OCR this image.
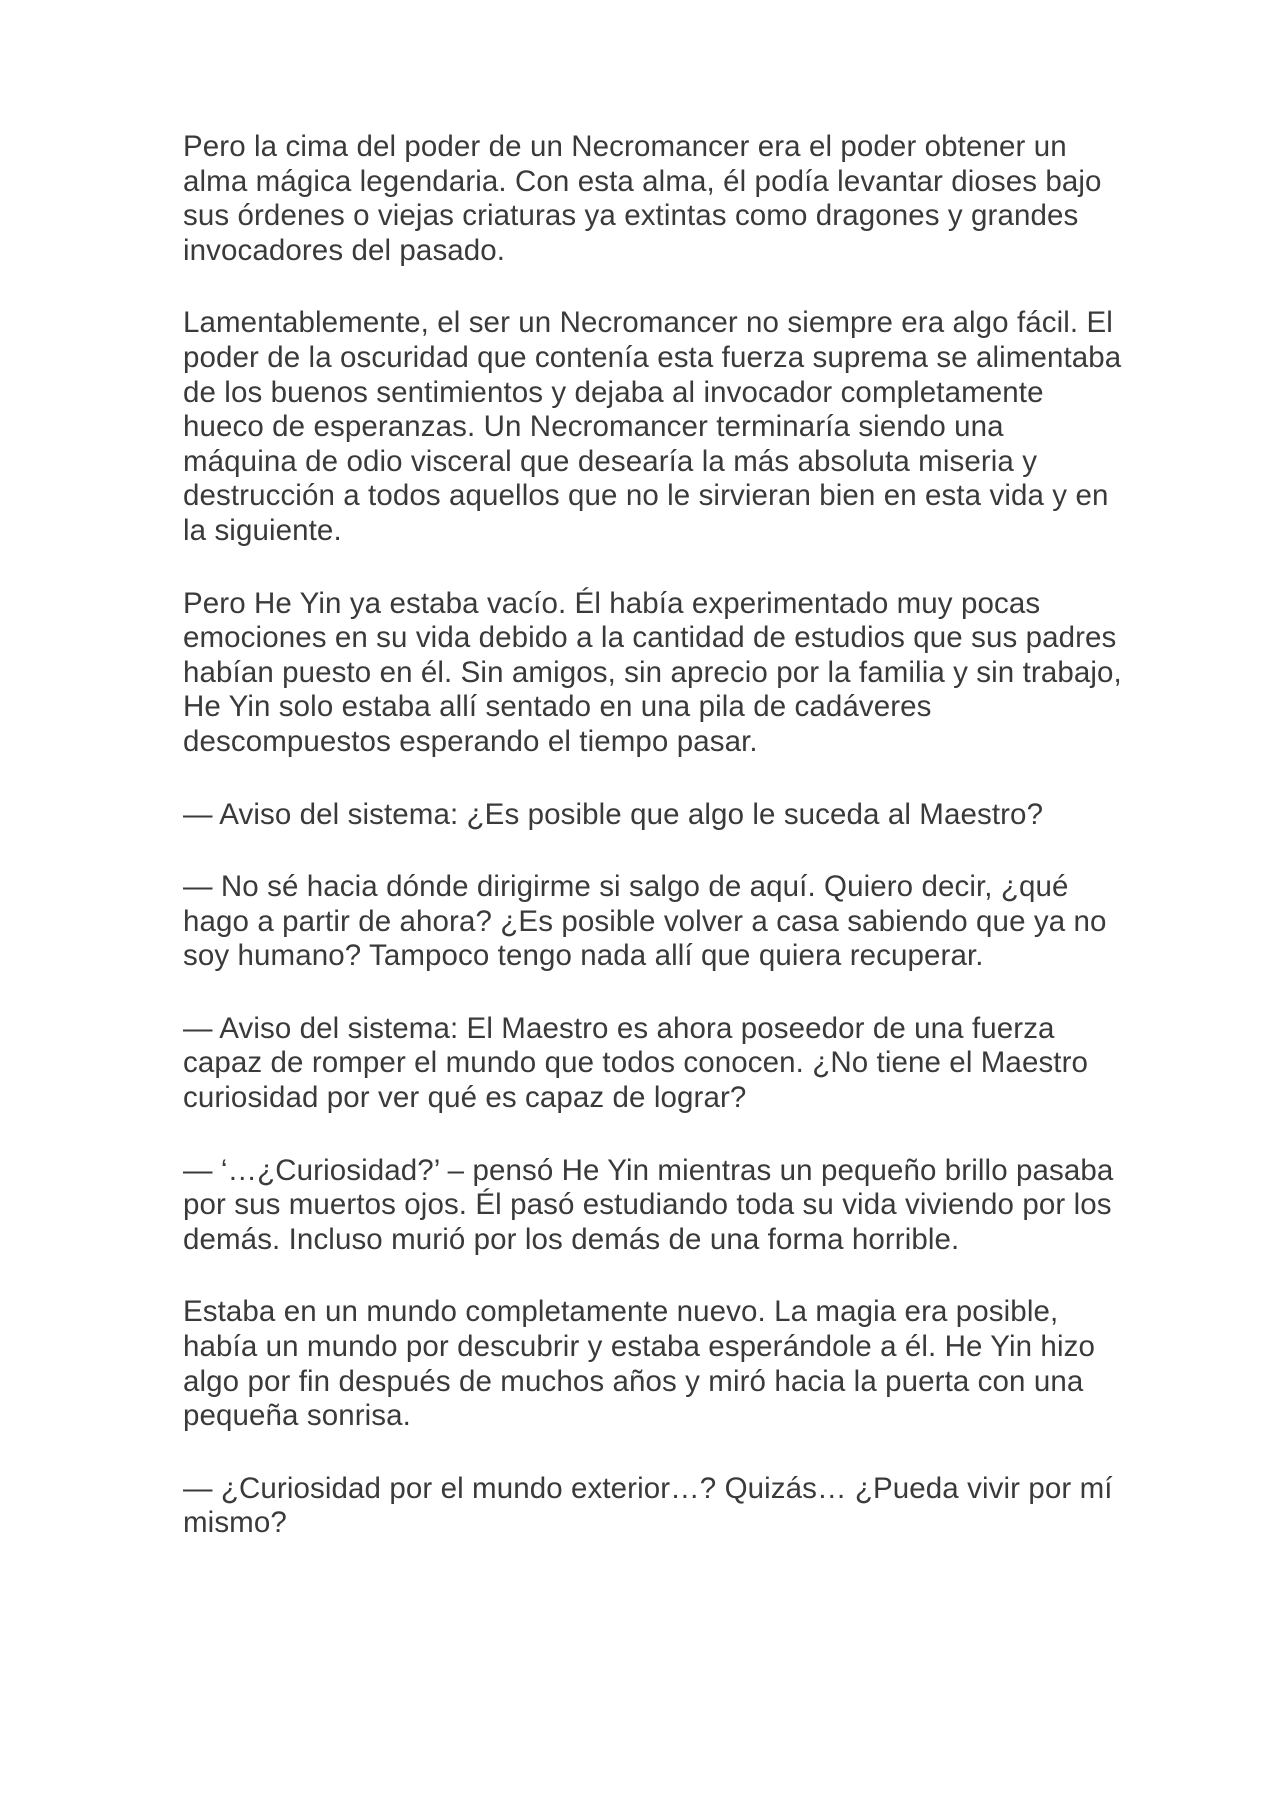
Pero la cima del poder de un Necromancer era el poder obtener un alma mágica legendaria. Con esta alma, él podía levantar dioses bajo sus órdenes o viejas criaturas ya extintas como dragones y grandes invocadores del pasado.

Lamentablemente, el ser un Necromancer no siempre era algo fácil. El poder de la oscuridad que contenía esta fuerza suprema se alimentaba de los buenos sentimientos y dejaba al invocador completamente hueco de esperanzas. Un Necromancer terminaría siendo una máquina de odio visceral que desearía la más absoluta miseria y destrucción a todos aquellos que no le sirvieran bien en esta vida y en la siguiente.

Pero He Yin ya estaba vacío. Él había experimentado muy pocas emociones en su vida debido a la cantidad de estudios que sus padres habían puesto en él. Sin amigos, sin aprecio por la familia y sin trabajo, He Yin solo estaba allí sentado en una pila de cadáveres descompuestos esperando el tiempo pasar.

— Aviso del sistema: ¿Es posible que algo le suceda al Maestro?

— No sé hacia dónde dirigirme si salgo de aquí. Quiero decir, ¿qué hago a partir de ahora? ¿Es posible volver a casa sabiendo que ya no soy humano? Tampoco tengo nada allí que quiera recuperar.

— Aviso del sistema: El Maestro es ahora poseedor de una fuerza capaz de romper el mundo que todos conocen. ¿No tiene el Maestro curiosidad por ver qué es capaz de lograr?

— ‘…¿Curiosidad?’ – pensó He Yin mientras un pequeño brillo pasaba por sus muertos ojos. Él pasó estudiando toda su vida viviendo por los demás. Incluso murió por los demás de una forma horrible.

Estaba en un mundo completamente nuevo. La magia era posible, había un mundo por descubrir y estaba esperándole a él. He Yin hizo algo por fin después de muchos años y miró hacia la puerta con una pequeña sonrisa.

— ¿Curiosidad por el mundo exterior…? Quizás… ¿Pueda vivir por mí mismo?
